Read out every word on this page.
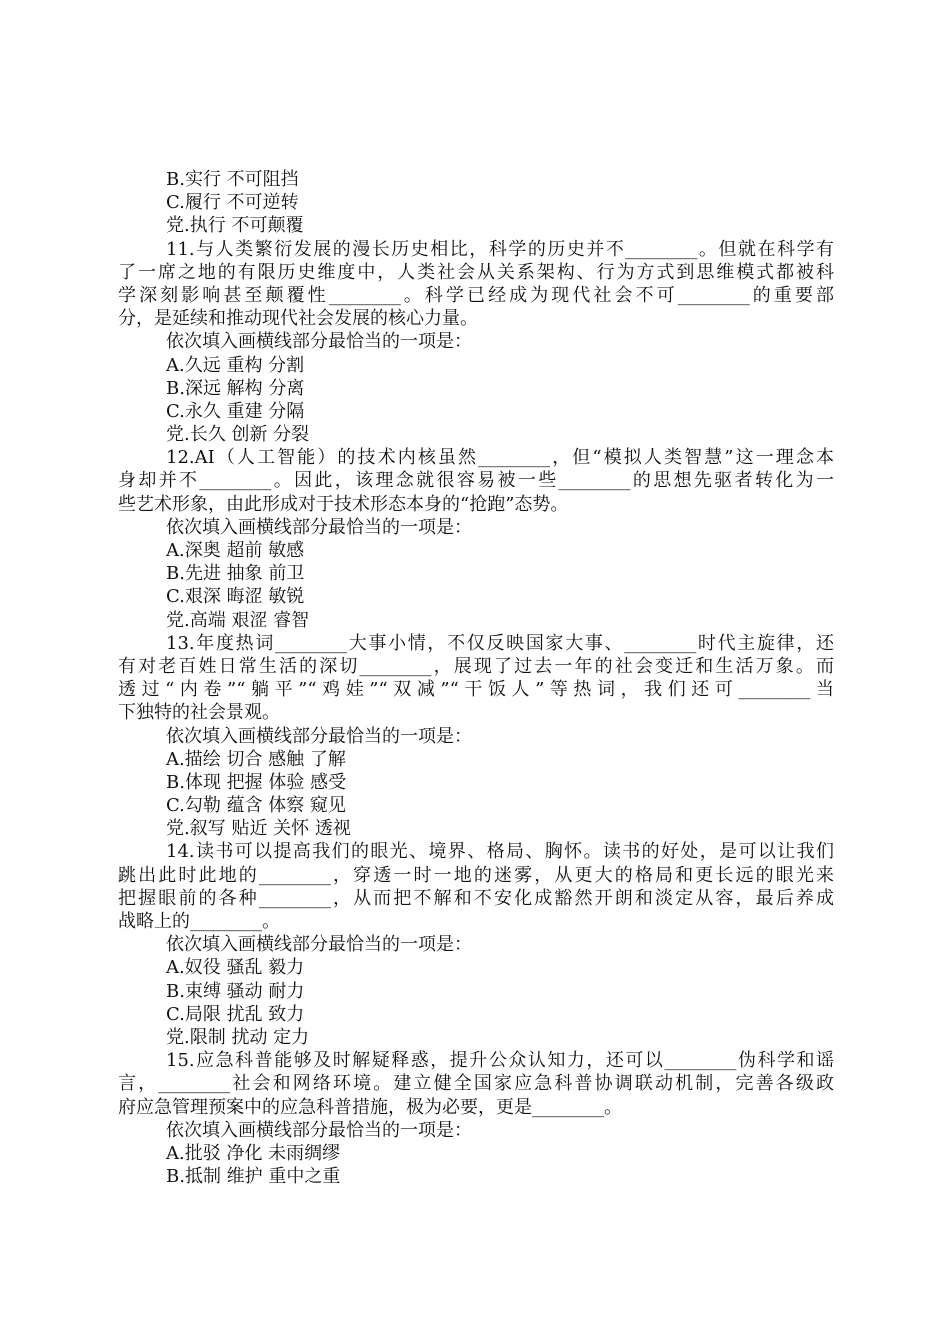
B.实行 不可阻挡
C.履行 不可逆转
党.执行 不可颠覆
11.与人类繁衍发展的漫长历史相比，科学的历史并不________。但就在科学有
了一席之地的有限历史维度中，人类社会从关系架构、行为方式到思维模式都被科
学深刻影响甚至颠覆性________。科学已经成为现代社会不可________的重要部
分，是延续和推动现代社会发展的核心力量。
依次填入画横线部分最恰当的一项是：
A.久远 重构 分割
B.深远 解构 分离
C.永久 重建 分隔
党.长久 创新 分裂
12.AI（人工智能）的技术内核虽然________，但“模拟人类智慧”这一理念本
身却并不________。因此，该理念就很容易被一些________的思想先驱者转化为一
些艺术形象，由此形成对于技术形态本身的“抢跑”态势。
依次填入画横线部分最恰当的一项是：
A.深奥 超前 敏感
B.先进 抽象 前卫
C.艰深 晦涩 敏锐
党.高端 艰涩 睿智
13.年度热词________大事小情，不仅反映国家大事、________时代主旋律，还
有对老百姓日常生活的深切________，展现了过去一年的社会变迁和生活万象。而
透过“内卷”“躺平”“鸡娃”“双减”“干饭人”等热词，我们还可________当
下独特的社会景观。
依次填入画横线部分最恰当的一项是：
A.描绘 切合 感触 了解
B.体现 把握 体验 感受
C.勾勒 蕴含 体察 窥见
党.叙写 贴近 关怀 透视
14.读书可以提高我们的眼光、境界、格局、胸怀。读书的好处，是可以让我们
跳出此时此地的________，穿透一时一地的迷雾，从更大的格局和更长远的眼光来
把握眼前的各种________，从而把不解和不安化成豁然开朗和淡定从容，最后养成
战略上的________。
依次填入画横线部分最恰当的一项是：
A.奴役 骚乱 毅力
B.束缚 骚动 耐力
C.局限 扰乱 致力
党.限制 扰动 定力
15.应急科普能够及时解疑释惑，提升公众认知力，还可以________伪科学和谣
言，________社会和网络环境。建立健全国家应急科普协调联动机制，完善各级政
府应急管理预案中的应急科普措施，极为必要，更是________。
依次填入画横线部分最恰当的一项是：
A.批驳 净化 未雨绸缪
B.抵制 维护 重中之重
